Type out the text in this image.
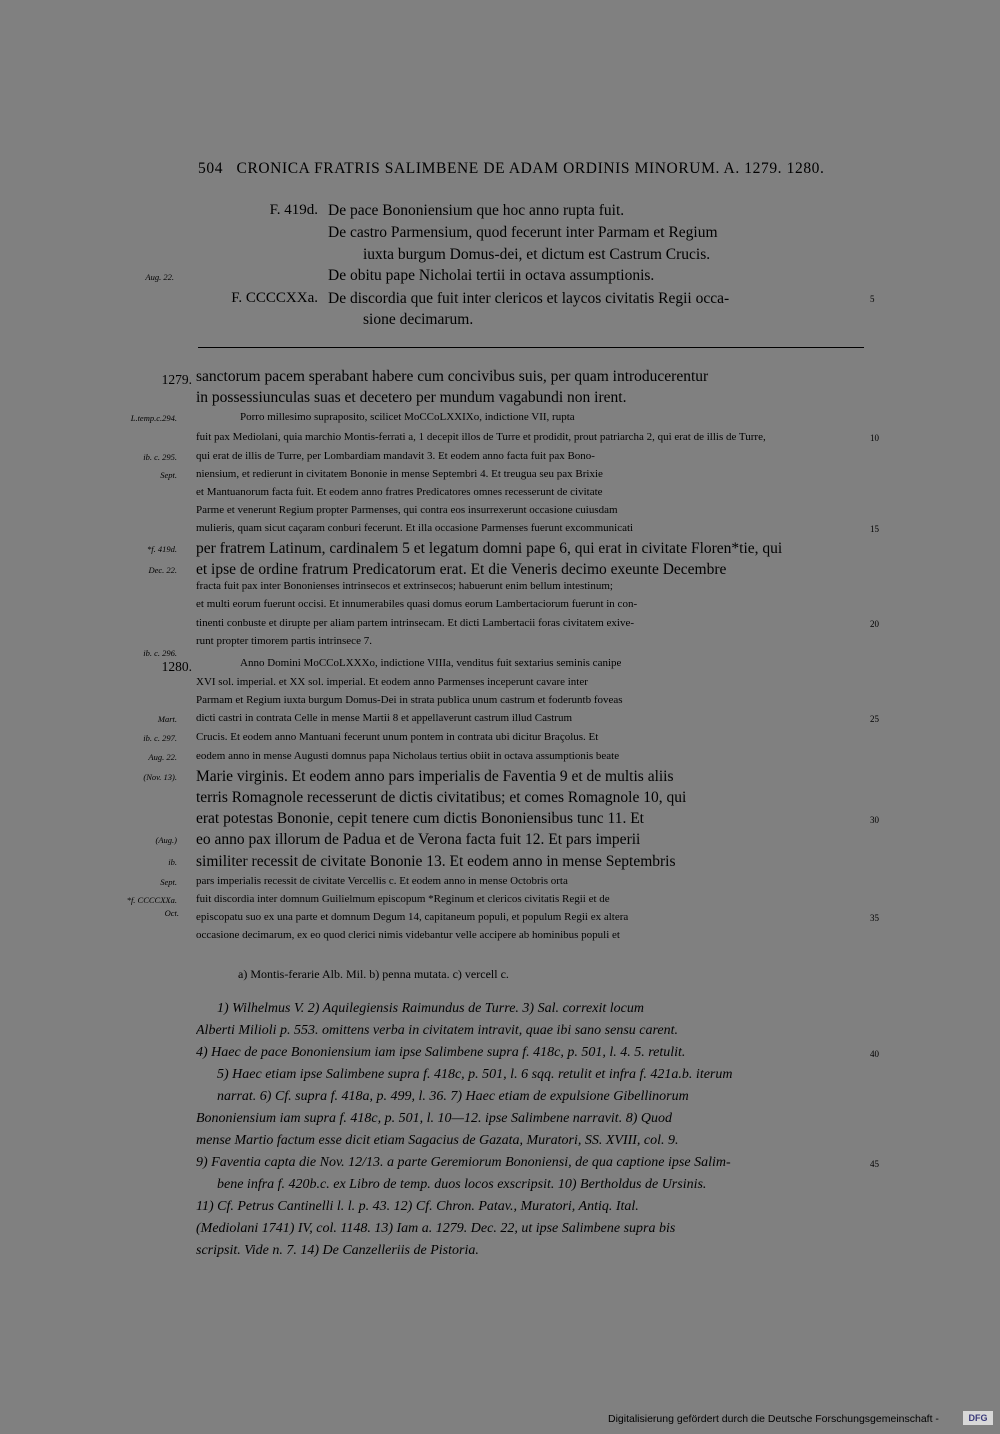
504 CRONICA FRATRIS SALIMBENE DE ADAM ORDINIS MINORUM. A. 1279. 1280.
F. 419d. De pace Bononiensium que hoc anno rupta fuit.
De castro Parmensium, quod fecerunt inter Parmam et Regium
iuxta burgum Domus-dei, et dictum est Castrum Crucis.
Aug. 22.	De obitu pape Nicholai tertii in octava assumptionis.
F. CCCCXXa. De discordia que fuit inter clericos et laycos civitatis Regii occa-	5
sione decimarum.
1279. sanctorum pacem sperabant habere cum concivibus suis, per quam introducerentur
in possessiunculas suas et decetero per mundum vagabundi non irent.
L.temp.c.294.	Porro millesimo supraposito, scilicet MoCCoLXXIXo, indictione VII, rupta
fuit pax Mediolani, quia marchio Montis-ferrati a, 1 decepit illos de Turre et prodidit, prout patriarcha 2, qui erat de illis de Turre,	10
ib. c. 295. qui erat de illis de Turre, per Lombardiam mandavit 3. Et eodem anno facta fuit pax Bono-
Sept. niensium, et redierunt in civitatem Bononie in mense Septembri 4. Et treugua seu pax Brixie
et Mantuanorum facta fuit. Et eodem anno fratres Predicatores omnes recesserunt de civitate
Parme et venerunt Regium propter Parmenses, qui contra eos insurrexerunt occasione cuiusdam
mulieris, quam sicut caçaram conburi fecerunt. Et illa occasione Parmenses fuerunt excommunicati	15
*f. 419d. per fratrem Latinum, cardinalem 5 et legatum domni pape 6, qui erat in civitate Floren*tie, qui
Dec. 22. et ipse de ordine fratrum Predicatorum erat. Et die Veneris decimo exeunte Decembre
fracta fuit pax inter Bononienses intrinsecos et extrinsecos; habuerunt enim bellum intestinum;
et multi eorum fuerunt occisi. Et innumerabiles quasi domus eorum Lambertaciorum fuerunt in con-
tinenti conbuste et dirupte per aliam partem intrinsecam. Et dicti Lambertacii foras civitatem exive-	20
runt propter timorem partis intrinsece 7.
1280.	Anno Domini MoCCoLXXXo, indictione VIIIa, venditus fuit sextarius seminis canipe
XVI sol. imperial. et XX sol. imperial. Et eodem anno Parmenses inceperunt cavare inter
Parmam et Regium iuxta burgum Domus-Dei in strata publica unum castrum et foderuntb foveas
Mart. dicti castri in contrata Celle in mense Martii 8 et appellaverunt castrum illud Castrum	25
ib. c. 297. Crucis. Et eodem anno Mantuani fecerunt unum pontem in contrata ubi dicitur Braçolus. Et
Aug. 22. eodem anno in mense Augusti domnus papa Nicholaus tertius obiit in octava assumptionis beate
(Nov. 13). Marie virginis. Et eodem anno pars imperialis de Faventia 9 et de multis aliis
terris Romagnole recesserunt de dictis civitatibus; et comes Romagnole 10, qui
erat potestas Bononie, cepit tenere cum dictis Bononiensibus tunc 11. Et	30
(Aug.) eo anno pax illorum de Padua et de Verona facta fuit 12. Et pars imperii
ib. similiter recessit de civitate Bononie 13. Et eodem anno in mense Septembris
Sept. pars imperialis recessit de civitate Vercellis c. Et eodem anno in mense Octobris orta
*f. CCCCXXa. fuit discordia inter domnum Guilielmum episcopum *Reginum et clericos civitatis Regii et de
episcopatu suo ex una parte et domnum Degum 14, capitaneum populi, et populum Regii ex altera	35
occasione decimarum, ex eo quod clerici nimis videbantur velle accipere ab hominibus populi et
Oct.
ib. c. 296.
a) Montis-ferarie Alb. Mil. b) penna mutata. c) vercell c.
1) Wilhelmus V. 2) Aquilegiensis Raimundus de Turre. 3) Sal. correxit locum
Alberti Milioli p. 553. omittens verba in civitatem intravit, quae ibi sano sensu carent.
4) Haec de pace Bononiensium iam ipse Salimbene supra f. 418c, p. 501, l. 4. 5. retulit.	40
5) Haec etiam ipse Salimbene supra f. 418c, p. 501, l. 6 sqq. retulit et infra f. 421a.b. iterum
narrat. 6) Cf. supra f. 418a, p. 499, l. 36. 7) Haec etiam de expulsione Gibellinorum
Bononiensium iam supra f. 418c, p. 501, l. 10—12. ipse Salimbene narravit. 8) Quod
mense Martio factum esse dicit etiam Sagacius de Gazata, Muratori, SS. XVIII, col. 9.
9) Faventia capta die Nov. 12/13. a parte Geremiorum Bononiensi, de qua captione ipse Salim-	45
bene infra f. 420b.c. ex Libro de temp. duos locos exscripsit. 10) Bertholdus de Ursinis.
11) Cf. Petrus Cantinelli l. l. p. 43. 12) Cf. Chron. Patav., Muratori, Antiq. Ital.
(Mediolani 1741) IV, col. 1148. 13) Iam a. 1279. Dec. 22, ut ipse Salimbene supra bis
scripsit. Vide n. 7. 14) De Canzelleriis de Pistoria.
Digitalisierung gefördert durch die Deutsche Forschungsgemeinschaft -	DFG
